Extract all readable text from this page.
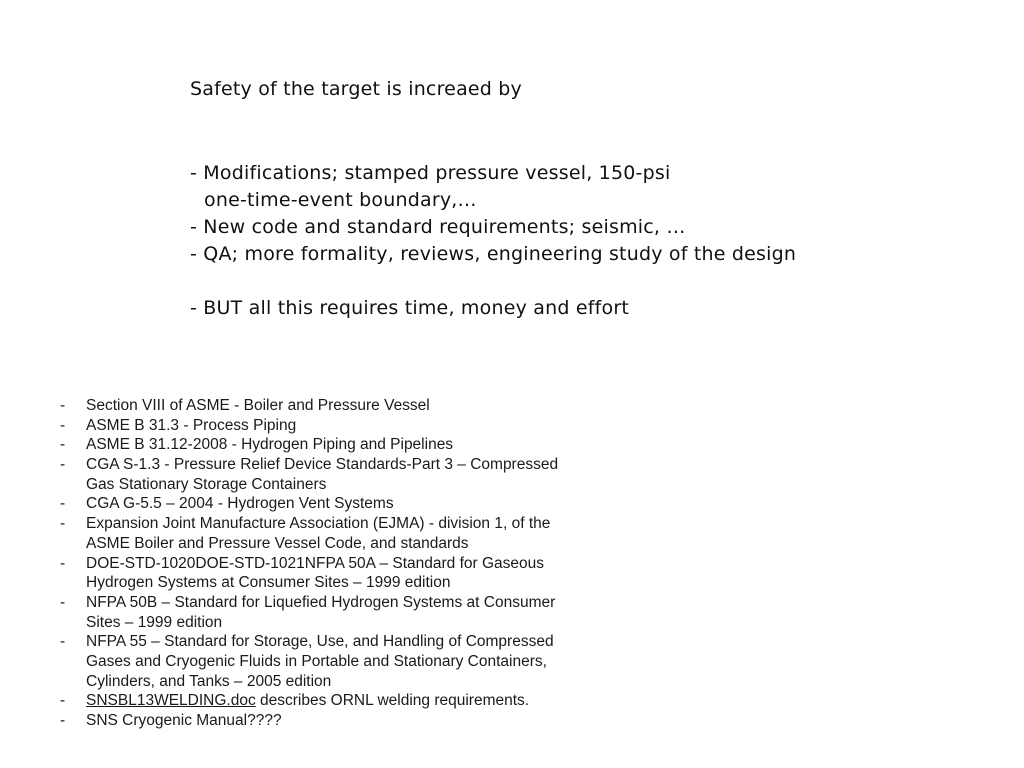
Safety of the target is increaed by
- Modifications; stamped pressure vessel, 150-psi
one-time-event boundary,…
- New code and standard requirements; seismic, …
- QA; more formality, reviews, engineering study of the design
- BUT all this requires time, money and effort
-	Section VIII of ASME - Boiler and Pressure Vessel
-	ASME B 31.3 - Process Piping
-	ASME B 31.12-2008 - Hydrogen Piping and Pipelines
-	CGA S-1.3 - Pressure Relief Device Standards-Part 3 – Compressed
Gas Stationary Storage Containers
-	CGA G-5.5 – 2004 - Hydrogen Vent Systems
-	Expansion Joint Manufacture Association (EJMA) - division 1, of the
ASME Boiler and Pressure Vessel Code, and standards
-	DOE-STD-1020DOE-STD-1021NFPA 50A – Standard for Gaseous
Hydrogen Systems at Consumer Sites – 1999 edition
-	NFPA 50B – Standard for Liquefied Hydrogen Systems at Consumer
Sites – 1999 edition
-	NFPA 55 – Standard for Storage, Use, and Handling of Compressed
Gases and Cryogenic Fluids in Portable and Stationary Containers,
Cylinders, and Tanks – 2005 edition
-	SNSBL13WELDING.doc describes ORNL welding requirements.
-	SNS Cryogenic Manual????
